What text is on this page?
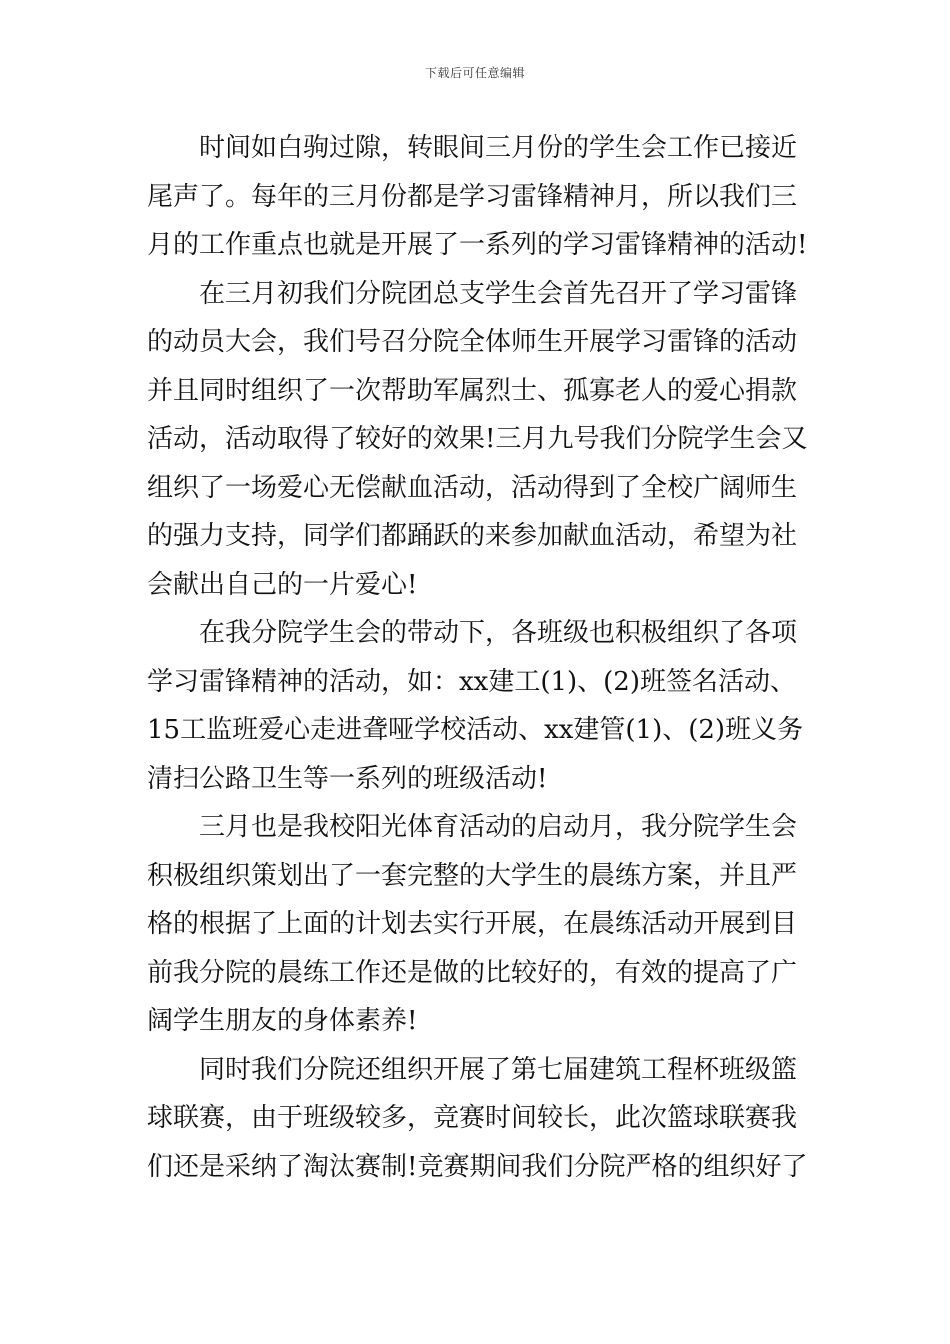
下载后可任意编辑
时间如白驹过隙，转眼间三月份的学生会工作已接近
尾声了。每年的三月份都是学习雷锋精神月，所以我们三
月的工作重点也就是开展了一系列的学习雷锋精神的活动!
在三月初我们分院团总支学生会首先召开了学习雷锋
的动员大会，我们号召分院全体师生开展学习雷锋的活动
并且同时组织了一次帮助军属烈士、孤寡老人的爱心捐款
活动，活动取得了较好的效果!三月九号我们分院学生会又
组织了一场爱心无偿献血活动，活动得到了全校广阔师生
的强力支持，同学们都踊跃的来参加献血活动，希望为社
会献出自己的一片爱心!
在我分院学生会的带动下，各班级也积极组织了各项
学习雷锋精神的活动，如：xx建工(1)、(2)班签名活动、
15工监班爱心走进聋哑学校活动、xx建管(1)、(2)班义务
清扫公路卫生等一系列的班级活动!
三月也是我校阳光体育活动的启动月，我分院学生会
积极组织策划出了一套完整的大学生的晨练方案，并且严
格的根据了上面的计划去实行开展，在晨练活动开展到目
前我分院的晨练工作还是做的比较好的，有效的提高了广
阔学生朋友的身体素养!
同时我们分院还组织开展了第七届建筑工程杯班级篮
球联赛，由于班级较多，竞赛时间较长，此次篮球联赛我
们还是采纳了淘汰赛制!竞赛期间我们分院严格的组织好了
